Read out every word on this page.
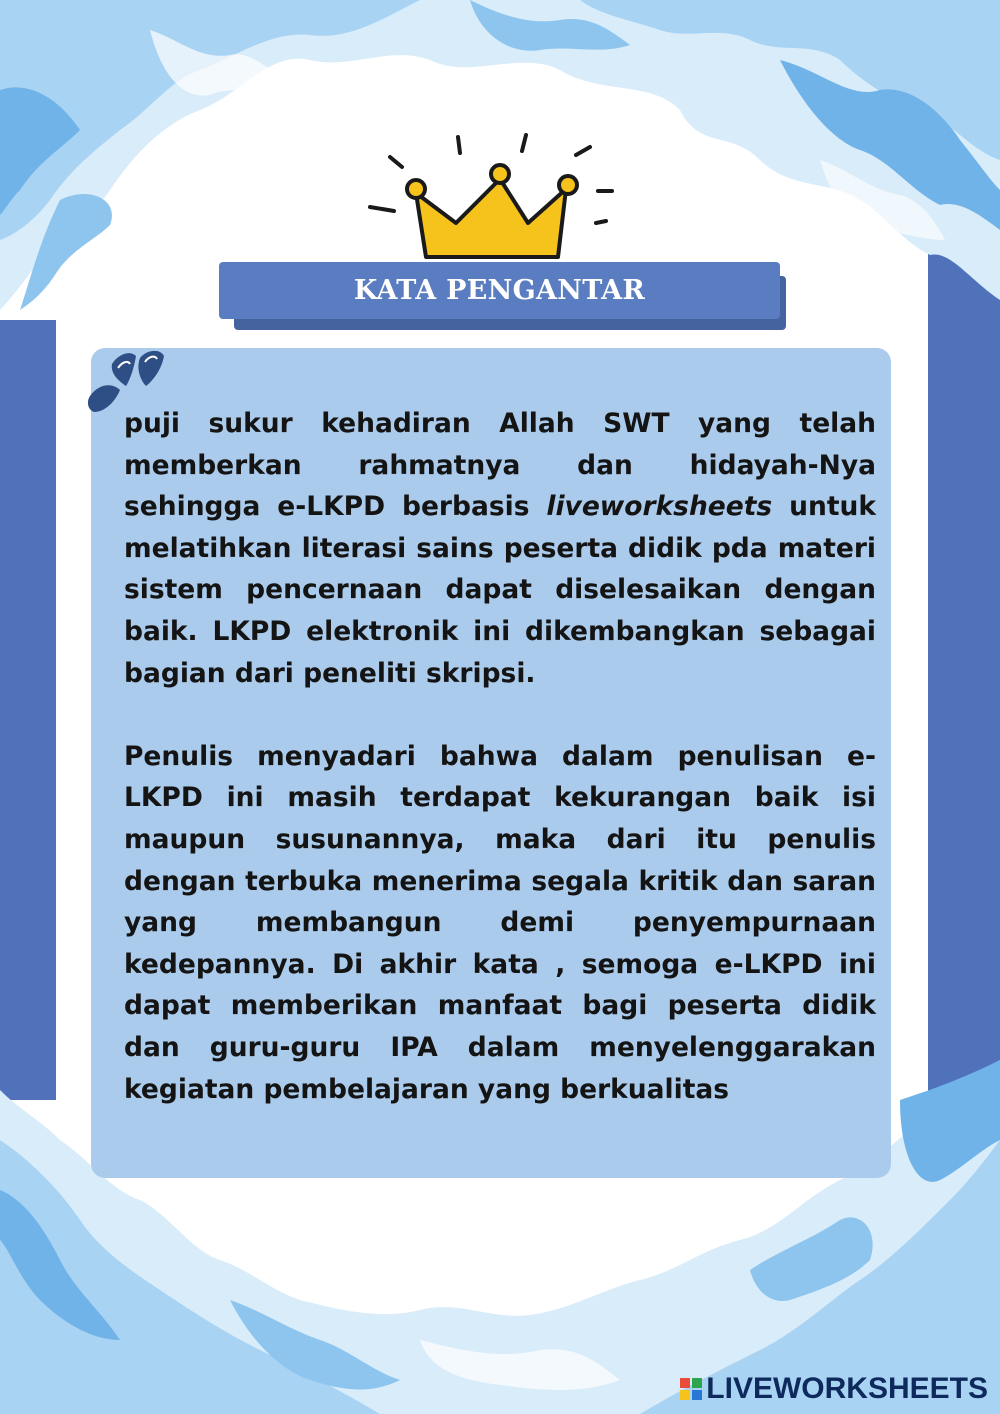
KATA PENGANTAR

puji sukur kehadiran Allah SWT yang telah memberkan rahmatnya dan hidayah-Nya sehingga e-LKPD berbasis liveworksheets untuk melatihkan literasi sains peserta didik pda materi sistem pencernaan dapat diselesaikan dengan baik. LKPD elektronik ini dikembangkan sebagai bagian dari peneliti skripsi.

Penulis menyadari bahwa dalam penulisan e-LKPD ini masih terdapat kekurangan baik isi maupun susunannya, maka dari itu penulis dengan terbuka menerima segala kritik dan saran yang membangun demi penyempurnaan kedepannya. Di akhir kata , semoga e-LKPD ini dapat memberikan manfaat bagi peserta didik dan guru-guru IPA dalam menyelenggarakan kegiatan pembelajaran yang berkualitas

LIVEWORKSHEETS
